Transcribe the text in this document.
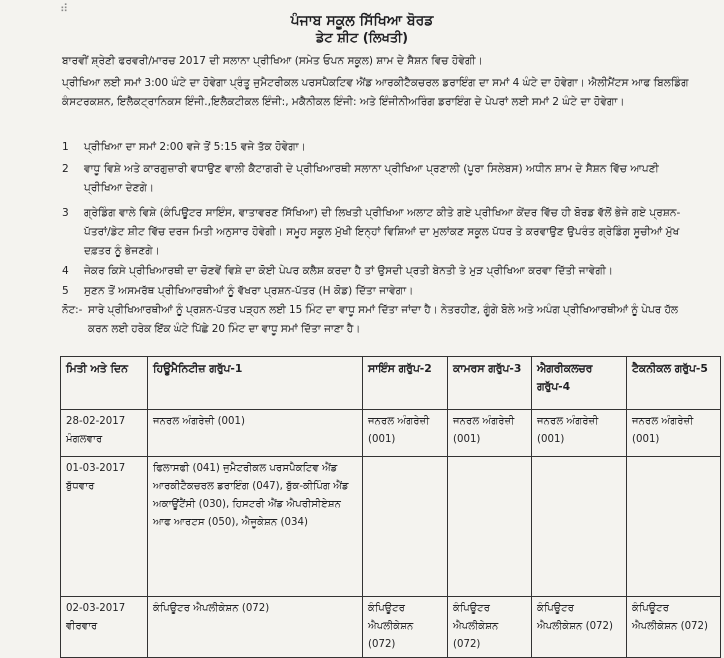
⠾
ਪੰਜਾਬ ਸਕੂਲ ਸਿੱਖਿਆ ਬੋਰਡ
ਡੇਟ ਸ਼ੀਟ (ਲਿਖਤੀ)
ਬਾਰਵੀਂ ਸ਼੍ਰੇਣੀ ਫਰਵਰੀ/ਮਾਰਚ 2017 ਦੀ ਸਲਾਨਾ ਪ੍ਰੀਖਿਆ (ਸਮੇਤ ਓਪਨ ਸਕੂਲ) ਸ਼ਾਮ ਦੇ ਸੈਸ਼ਨ ਵਿਚ ਹੋਵੇਗੀ।
ਪ੍ਰੀਖਿਆ ਲਈ ਸਮਾਂ 3:00 ਘੰਟੇ ਦਾ ਹੋਵੇਗਾ ਪ੍ਰੰਤੂ ਜੁਮੈਟਰੀਕਲ ਪਰਸਪੈਕਟਿਵ ਐਂਡ ਆਰਕੀਟੈਕਚਰਲ ਡਰਾਇੰਗ ਦਾ ਸਮਾਂ 4 ਘੰਟੇ ਦਾ ਹੋਵੇਗਾ। ਐਲੀਮੈਂਟਸ ਆਫ ਬਿਲਡਿੰਗ ਕੰਸਟਰਕਸ਼ਨ, ਇਲੈਕਟ੍ਰਾਨਿਕਸ ਇੰਜੀ.,ਇਲੈਕਟੀਕਲ ਇੰਜੀ:, ਮਕੈਨੀਕਲ ਇੰਜੀ: ਅਤੇ ਇੰਜੀਨੀਅਰਿੰਗ ਡਰਾਇੰਗ ਦੇ ਪੇਪਰਾਂ ਲਈ ਸਮਾਂ 2 ਘੰਟੇ ਦਾ ਹੋਵੇਗਾ।
1	ਪ੍ਰੀਖਿਆ ਦਾ ਸਮਾਂ 2:00 ਵਜੇ ਤੋਂ 5:15 ਵਜੇ ਤੱਕ ਹੋਵੇਗਾ।
2	ਵਾਧੂ ਵਿਸ਼ੇ ਅਤੇ ਕਾਰਗੁਜ਼ਾਰੀ ਵਧਾਉਣ ਵਾਲੀ ਕੈਟਾਗਰੀ ਦੇ ਪ੍ਰੀਖਿਆਰਥੀ ਸਲਾਨਾ ਪ੍ਰੀਖਿਆ ਪ੍ਰਣਾਲੀ (ਪੂਰਾ ਸਿਲੇਬਸ) ਅਧੀਨ ਸ਼ਾਮ ਦੇ ਸੈਸ਼ਨ ਵਿੱਚ ਆਪਣੀ ਪ੍ਰੀਖਿਆ ਦੇਣਗੇ।
3	ਗ੍ਰੇਡਿੰਗ ਵਾਲੇ ਵਿਸ਼ੇ (ਕੰਪਿਊਟਰ ਸਾਇੰਸ, ਵਾਤਾਵਰਣ ਸਿੱਖਿਆ) ਦੀ ਲਿਖਤੀ ਪ੍ਰੀਖਿਆ ਅਲਾਟ ਕੀਤੇ ਗਏ ਪ੍ਰੀਖਿਆ ਕੇਂਦਰ ਵਿੱਚ ਹੀ ਬੋਰਡ ਵੱਲੋਂ ਭੇਜੇ ਗਏ ਪ੍ਰਸ਼ਨ-ਪੱਤਰਾਂ/ਡੇਟ ਸ਼ੀਟ ਵਿੱਚ ਦਰਜ ਮਿਤੀ ਅਨੁਸਾਰ ਹੋਵੇਗੀ। ਸਮੂਹ ਸਕੂਲ ਮੁੱਖੀ ਇਨ੍ਹਾਂ ਵਿਸ਼ਿਆਂ ਦਾ ਮੁਲਾਂਕਣ ਸਕੂਲ ਪੱਧਰ ਤੇ ਕਰਵਾਉਣ ਉਪਰੰਤ ਗ੍ਰੇਡਿੰਗ ਸੂਚੀਆਂ ਮੁੱਖ ਦਫ਼ਤਰ ਨੂੰ ਭੇਜਣਗੇ।
4	ਜੇਕਰ ਕਿਸੇ ਪ੍ਰੀਖਿਆਰਥੀ ਦਾ ਚੋਣਵੇਂ ਵਿਸ਼ੇ ਦਾ ਕੋਈ ਪੇਪਰ ਕਲੈਸ਼ ਕਰਦਾ ਹੈ ਤਾਂ ਉਸਦੀ ਪ੍ਰਤੀ ਬੇਨਤੀ ਤੇ ਮੁੜ ਪ੍ਰੀਖਿਆ ਕਰਵਾ ਦਿੱਤੀ ਜਾਵੇਗੀ।
5	ਸੁਣਨ ਤੋਂ ਅਸਮਰੱਥ ਪ੍ਰੀਖਿਆਰਥੀਆਂ ਨੂੰ ਵੱਖਰਾ ਪ੍ਰਸ਼ਨ-ਪੱਤਰ (H ਕੋਡ) ਦਿੱਤਾ ਜਾਵੇਗਾ।
ਨੋਟ:- ਸਾਰੇ ਪ੍ਰੀਖਿਆਰਥੀਆਂ ਨੂੰ ਪ੍ਰਸ਼ਨ-ਪੱਤਰ ਪੜ੍ਹਨ ਲਈ 15 ਮਿੰਟ ਦਾ ਵਾਧੂ ਸਮਾਂ ਦਿੱਤਾ ਜਾਂਦਾ ਹੈ। ਨੇਤਰਹੀਣ, ਗੂੰਗੇ ਬੋਲੇ ਅਤੇ ਅਪੰਗ ਪ੍ਰੀਖਿਆਰਥੀਆਂ ਨੂੰ ਪੇਪਰ ਹੱਲ ਕਰਨ ਲਈ ਹਰੇਕ ਇੱਕ ਘੰਟੇ ਪਿੱਛੇ 20 ਮਿੰਟ ਦਾ ਵਾਧੂ ਸਮਾਂ ਦਿੱਤਾ ਜਾਣਾ ਹੈ।
ਮਿਤੀ ਅਤੇ ਦਿਨ	ਹਿਊਮੈਨਿਟੀਜ਼ ਗਰੁੱਪ-1	ਸਾਇੰਸ ਗਰੁੱਪ-2	ਕਾਮਰਸ ਗਰੁੱਪ-3	ਐਗਰੀਕਲਚਰ ਗਰੁੱਪ-4	ਟੈਕਨੀਕਲ ਗਰੁੱਪ-5

28-02-2017
ਮੰਗਲਵਾਰ	ਜਨਰਲ ਅੰਗਰੇਜ਼ੀ (001)	ਜਨਰਲ ਅੰਗਰੇਜ਼ੀ (001)	ਜਨਰਲ ਅੰਗਰੇਜ਼ੀ (001)	ਜਨਰਲ ਅੰਗਰੇਜ਼ੀ (001)	ਜਨਰਲ ਅੰਗਰੇਜ਼ੀ (001)

01-03-2017
ਬੁੱਧਵਾਰ	ਫਿਲਾਸਫੀ (041) ਜੁਮੈਟਰੀਕਲ ਪਰਸਪੈਕਟਿਵ ਐਂਡ ਆਰਕੀਟੈਕਚਰਲ ਡਰਾਇੰਗ (047), ਬੁੱਕ-ਕੀਪਿੰਗ ਐਂਡ ਅਕਾਊਂਟੈਂਸੀ (030), ਹਿਸਟਰੀ ਐਂਡ ਐਪਰੀਸੀਏਸ਼ਨ ਆਫ ਆਰਟਸ (050), ਐਜੂਕੇਸ਼ਨ (034)				

02-03-2017
ਵੀਰਵਾਰ	ਕੰਪਿਊਟਰ ਐਪਲੀਕੇਸ਼ਨ (072)	ਕੰਪਿਊਟਰ ਐਪਲੀਕੇਸ਼ਨ (072)	ਕੰਪਿਊਟਰ ਐਪਲੀਕੇਸ਼ਨ (072)	ਕੰਪਿਊਟਰ ਐਪਲੀਕੇਸ਼ਨ (072)	ਕੰਪਿਊਟਰ ਐਪਲੀਕੇਸ਼ਨ (072)
